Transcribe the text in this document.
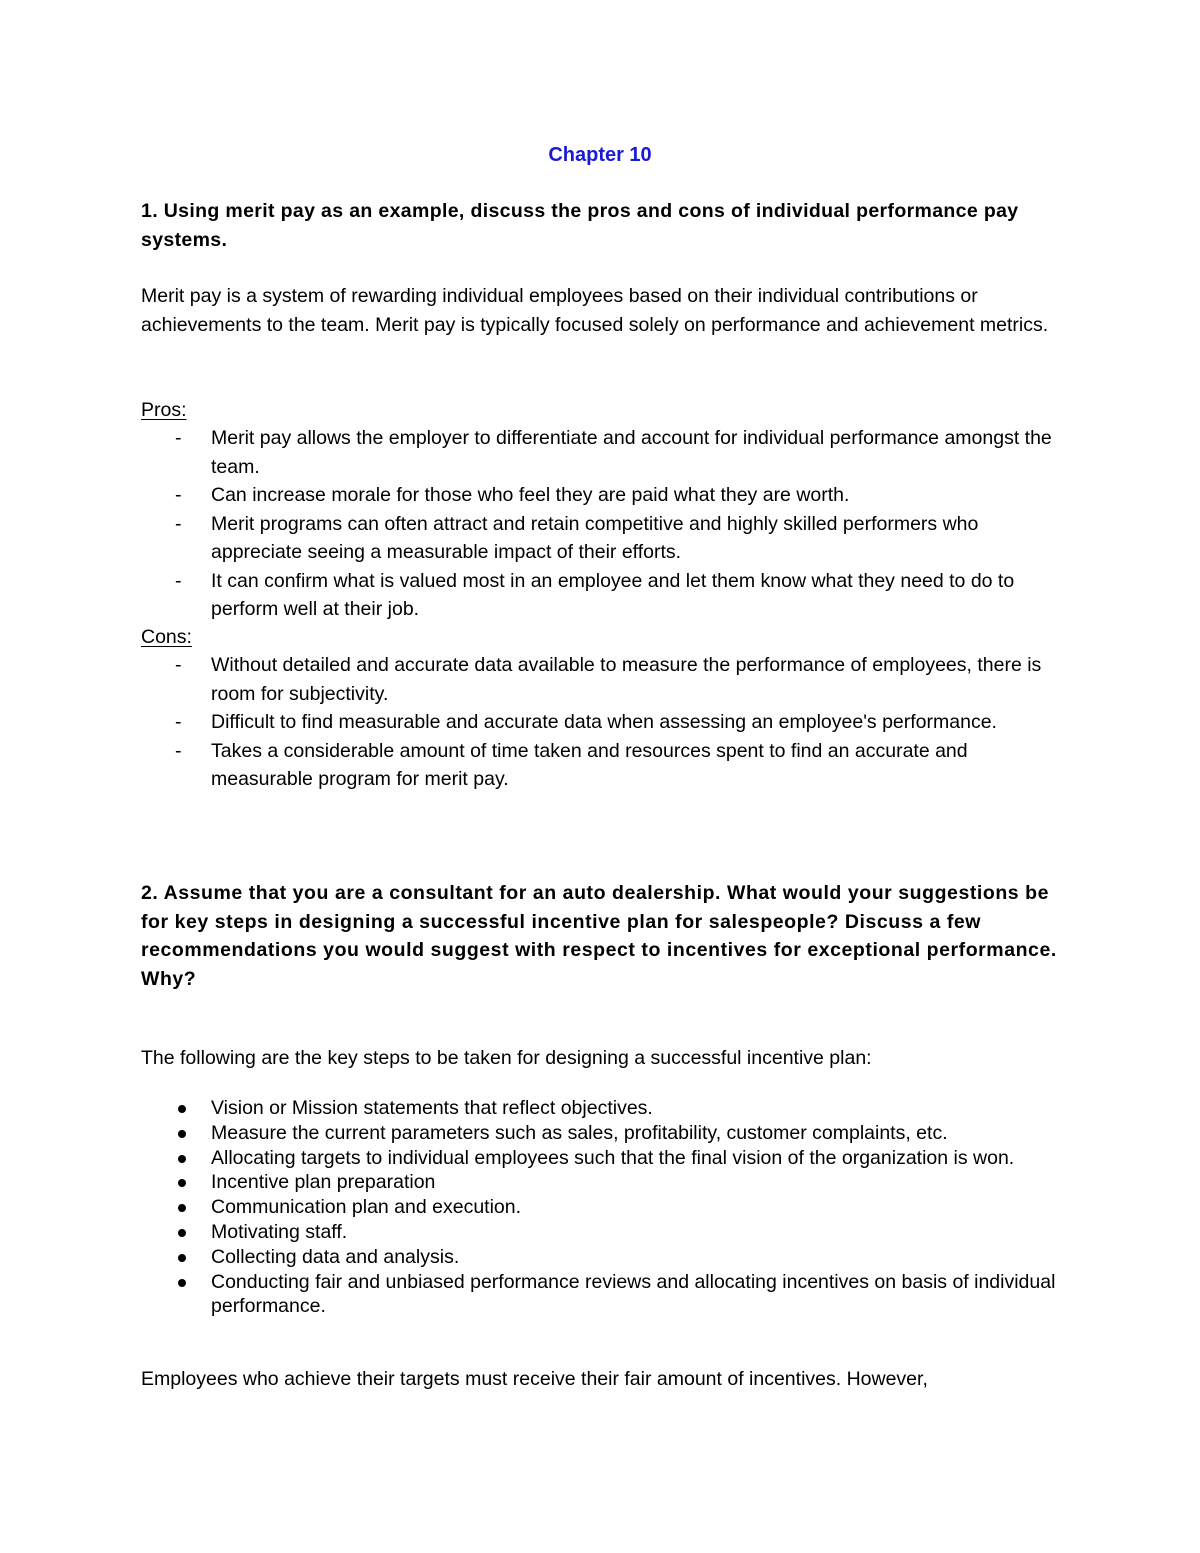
Chapter 10
1. Using merit pay as an example, discuss the pros and cons of individual performance pay systems.
Merit pay is a system of rewarding individual employees based on their individual contributions or achievements to the team. Merit pay is typically focused solely on performance and achievement metrics.
Pros:
- Merit pay allows the employer to differentiate and account for individual performance amongst the team.
- Can increase morale for those who feel they are paid what they are worth.
- Merit programs can often attract and retain competitive and highly skilled performers who appreciate seeing a measurable impact of their efforts.
- It can confirm what is valued most in an employee and let them know what they need to do to perform well at their job.
Cons:
- Without detailed and accurate data available to measure the performance of employees, there is room for subjectivity.
- Difficult to find measurable and accurate data when assessing an employee's performance.
- Takes a considerable amount of time taken and resources spent to find an accurate and measurable program for merit pay.
2. Assume that you are a consultant for an auto dealership. What would your suggestions be for key steps in designing a successful incentive plan for salespeople? Discuss a few recommendations you would suggest with respect to incentives for exceptional performance. Why?
The following are the key steps to be taken for designing a successful incentive plan:
Vision or Mission statements that reflect objectives.
Measure the current parameters such as sales, profitability, customer complaints, etc.
Allocating targets to individual employees such that the final vision of the organization is won.
Incentive plan preparation
Communication plan and execution.
Motivating staff.
Collecting data and analysis.
Conducting fair and unbiased performance reviews and allocating incentives on basis of individual performance.
Employees who achieve their targets must receive their fair amount of incentives. However,
